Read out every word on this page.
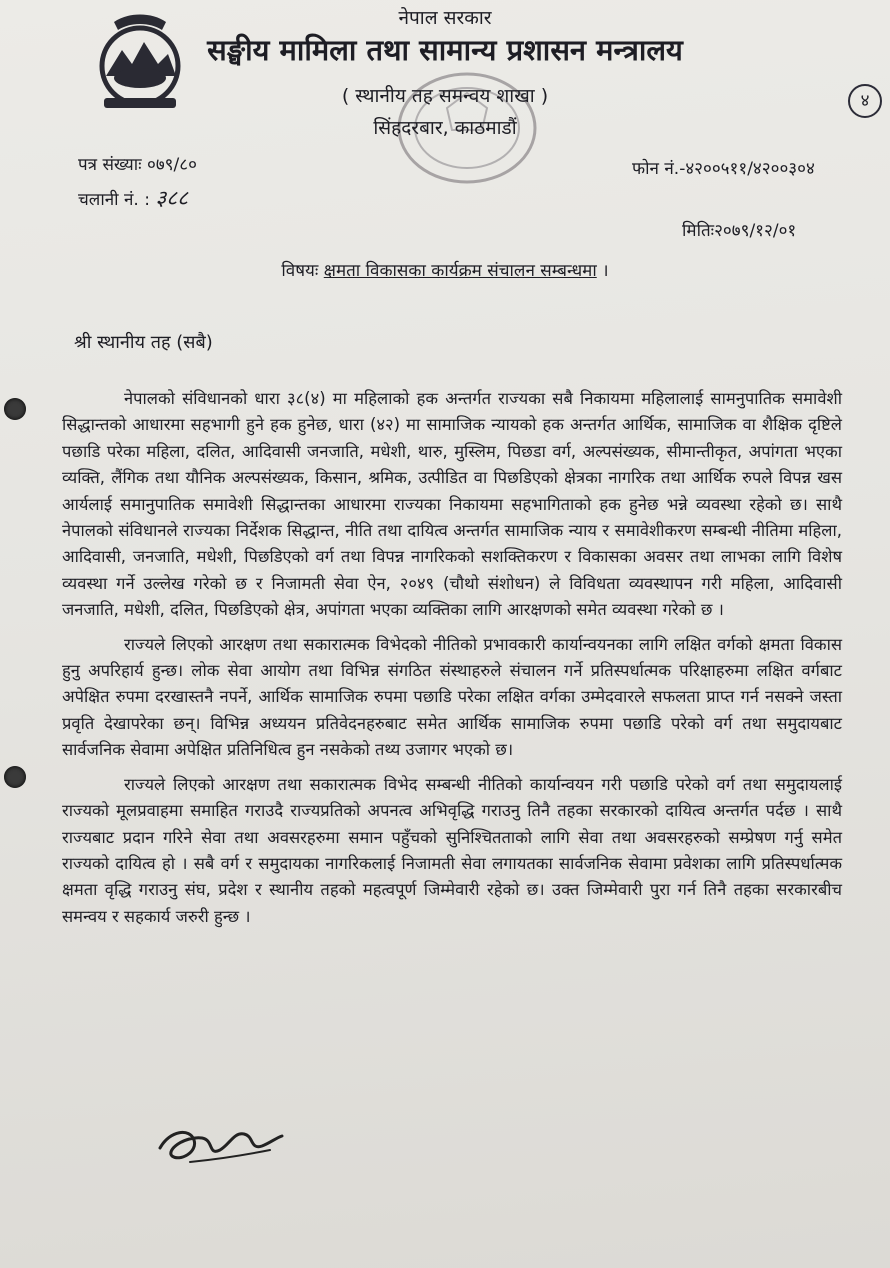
नेपाल सरकार
सङ्घीय मामिला तथा सामान्य प्रशासन मन्त्रालय
( स्थानीय तह समन्वय शाखा )
सिंहदरबार, काठमाडौं
४
पत्र संख्याः ०७९/८०
चलानी नं. : ३८८
फोन नं.-४२००५११/४२००३०४
मितिः२०७९/१२/०१
विषयः क्षमता विकासका कार्यक्रम संचालन सम्बन्धमा ।
श्री स्थानीय तह (सबै)

नेपालको संविधानको धारा ३८(४) मा महिलाको हक अन्तर्गत राज्यका सबै निकायमा महिलालाई सामनुपातिक समावेशी सिद्धान्तको आधारमा सहभागी हुने हक हुनेछ, धारा (४२) मा सामाजिक न्यायको हक अन्तर्गत आर्थिक, सामाजिक वा शैक्षिक दृष्टिले पछाडि परेका महिला, दलित, आदिवासी जनजाति, मधेशी, थारु, मुस्लिम, पिछडा वर्ग, अल्पसंख्यक, सीमान्तीकृत, अपांगता भएका व्यक्ति, लैंगिक तथा यौनिक अल्पसंख्यक, किसान, श्रमिक, उत्पीडित वा पिछडिएको क्षेत्रका नागरिक तथा आर्थिक रुपले विपन्न खस आर्यलाई समानुपातिक समावेशी सिद्धान्तका आधारमा राज्यका निकायमा सहभागिताको हक हुनेछ भन्ने व्यवस्था रहेको छ। साथै नेपालको संविधानले राज्यका निर्देशक सिद्धान्त, नीति तथा दायित्व अन्तर्गत सामाजिक न्याय र समावेशीकरण सम्बन्धी नीतिमा महिला, आदिवासी, जनजाति, मधेशी, पिछडिएको वर्ग तथा विपन्न नागरिकको सशक्तिकरण र विकासका अवसर तथा लाभका लागि विशेष व्यवस्था गर्ने उल्लेख गरेको छ र निजामती सेवा ऐन, २०४९ (चौथो संशोधन) ले विविधता व्यवस्थापन गरी महिला, आदिवासी जनजाति, मधेशी, दलित, पिछडिएको क्षेत्र, अपांगता भएका व्यक्तिका लागि आरक्षणको समेत व्यवस्था गरेको छ ।

राज्यले लिएको आरक्षण तथा सकारात्मक विभेदको नीतिको प्रभावकारी कार्यान्वयनका लागि लक्षित वर्गको क्षमता विकास हुनु अपरिहार्य हुन्छ। लोक सेवा आयोग तथा विभिन्न संगठित संस्थाहरुले संचालन गर्ने प्रतिस्पर्धात्मक परिक्षाहरुमा लक्षित वर्गबाट अपेक्षित रुपमा दरखास्तनै नपर्ने, आर्थिक सामाजिक रुपमा पछाडि परेका लक्षित वर्गका उम्मेदवारले सफलता प्राप्त गर्न नसक्ने जस्ता प्रवृति देखापरेका छन्। विभिन्न अध्ययन प्रतिवेदनहरुबाट समेत आर्थिक सामाजिक रुपमा पछाडि परेको वर्ग तथा समुदायबाट सार्वजनिक सेवामा अपेक्षित प्रतिनिधित्व हुन नसकेको तथ्य उजागर भएको छ।

राज्यले लिएको आरक्षण तथा सकारात्मक विभेद सम्बन्धी नीतिको कार्यान्वयन गरी पछाडि परेको वर्ग तथा समुदायलाई राज्यको मूलप्रवाहमा समाहित गराउदै राज्यप्रतिको अपनत्व अभिवृद्धि गराउनु तिनै तहका सरकारको दायित्व अन्तर्गत पर्दछ । साथै राज्यबाट प्रदान गरिने सेवा तथा अवसरहरुमा समान पहुँचको सुनिश्चितताको लागि सेवा तथा अवसरहरुको सम्प्रेषण गर्नु समेत राज्यको दायित्व हो । सबै वर्ग र समुदायका नागरिकलाई निजामती सेवा लगायतका सार्वजनिक सेवामा प्रवेशका लागि प्रतिस्पर्धात्मक क्षमता वृद्धि गराउनु संघ, प्रदेश र स्थानीय तहको महत्वपूर्ण जिम्मेवारी रहेको छ। उक्त जिम्मेवारी पुरा गर्न तिनै तहका सरकारबीच समन्वय र सहकार्य जरुरी हुन्छ ।
